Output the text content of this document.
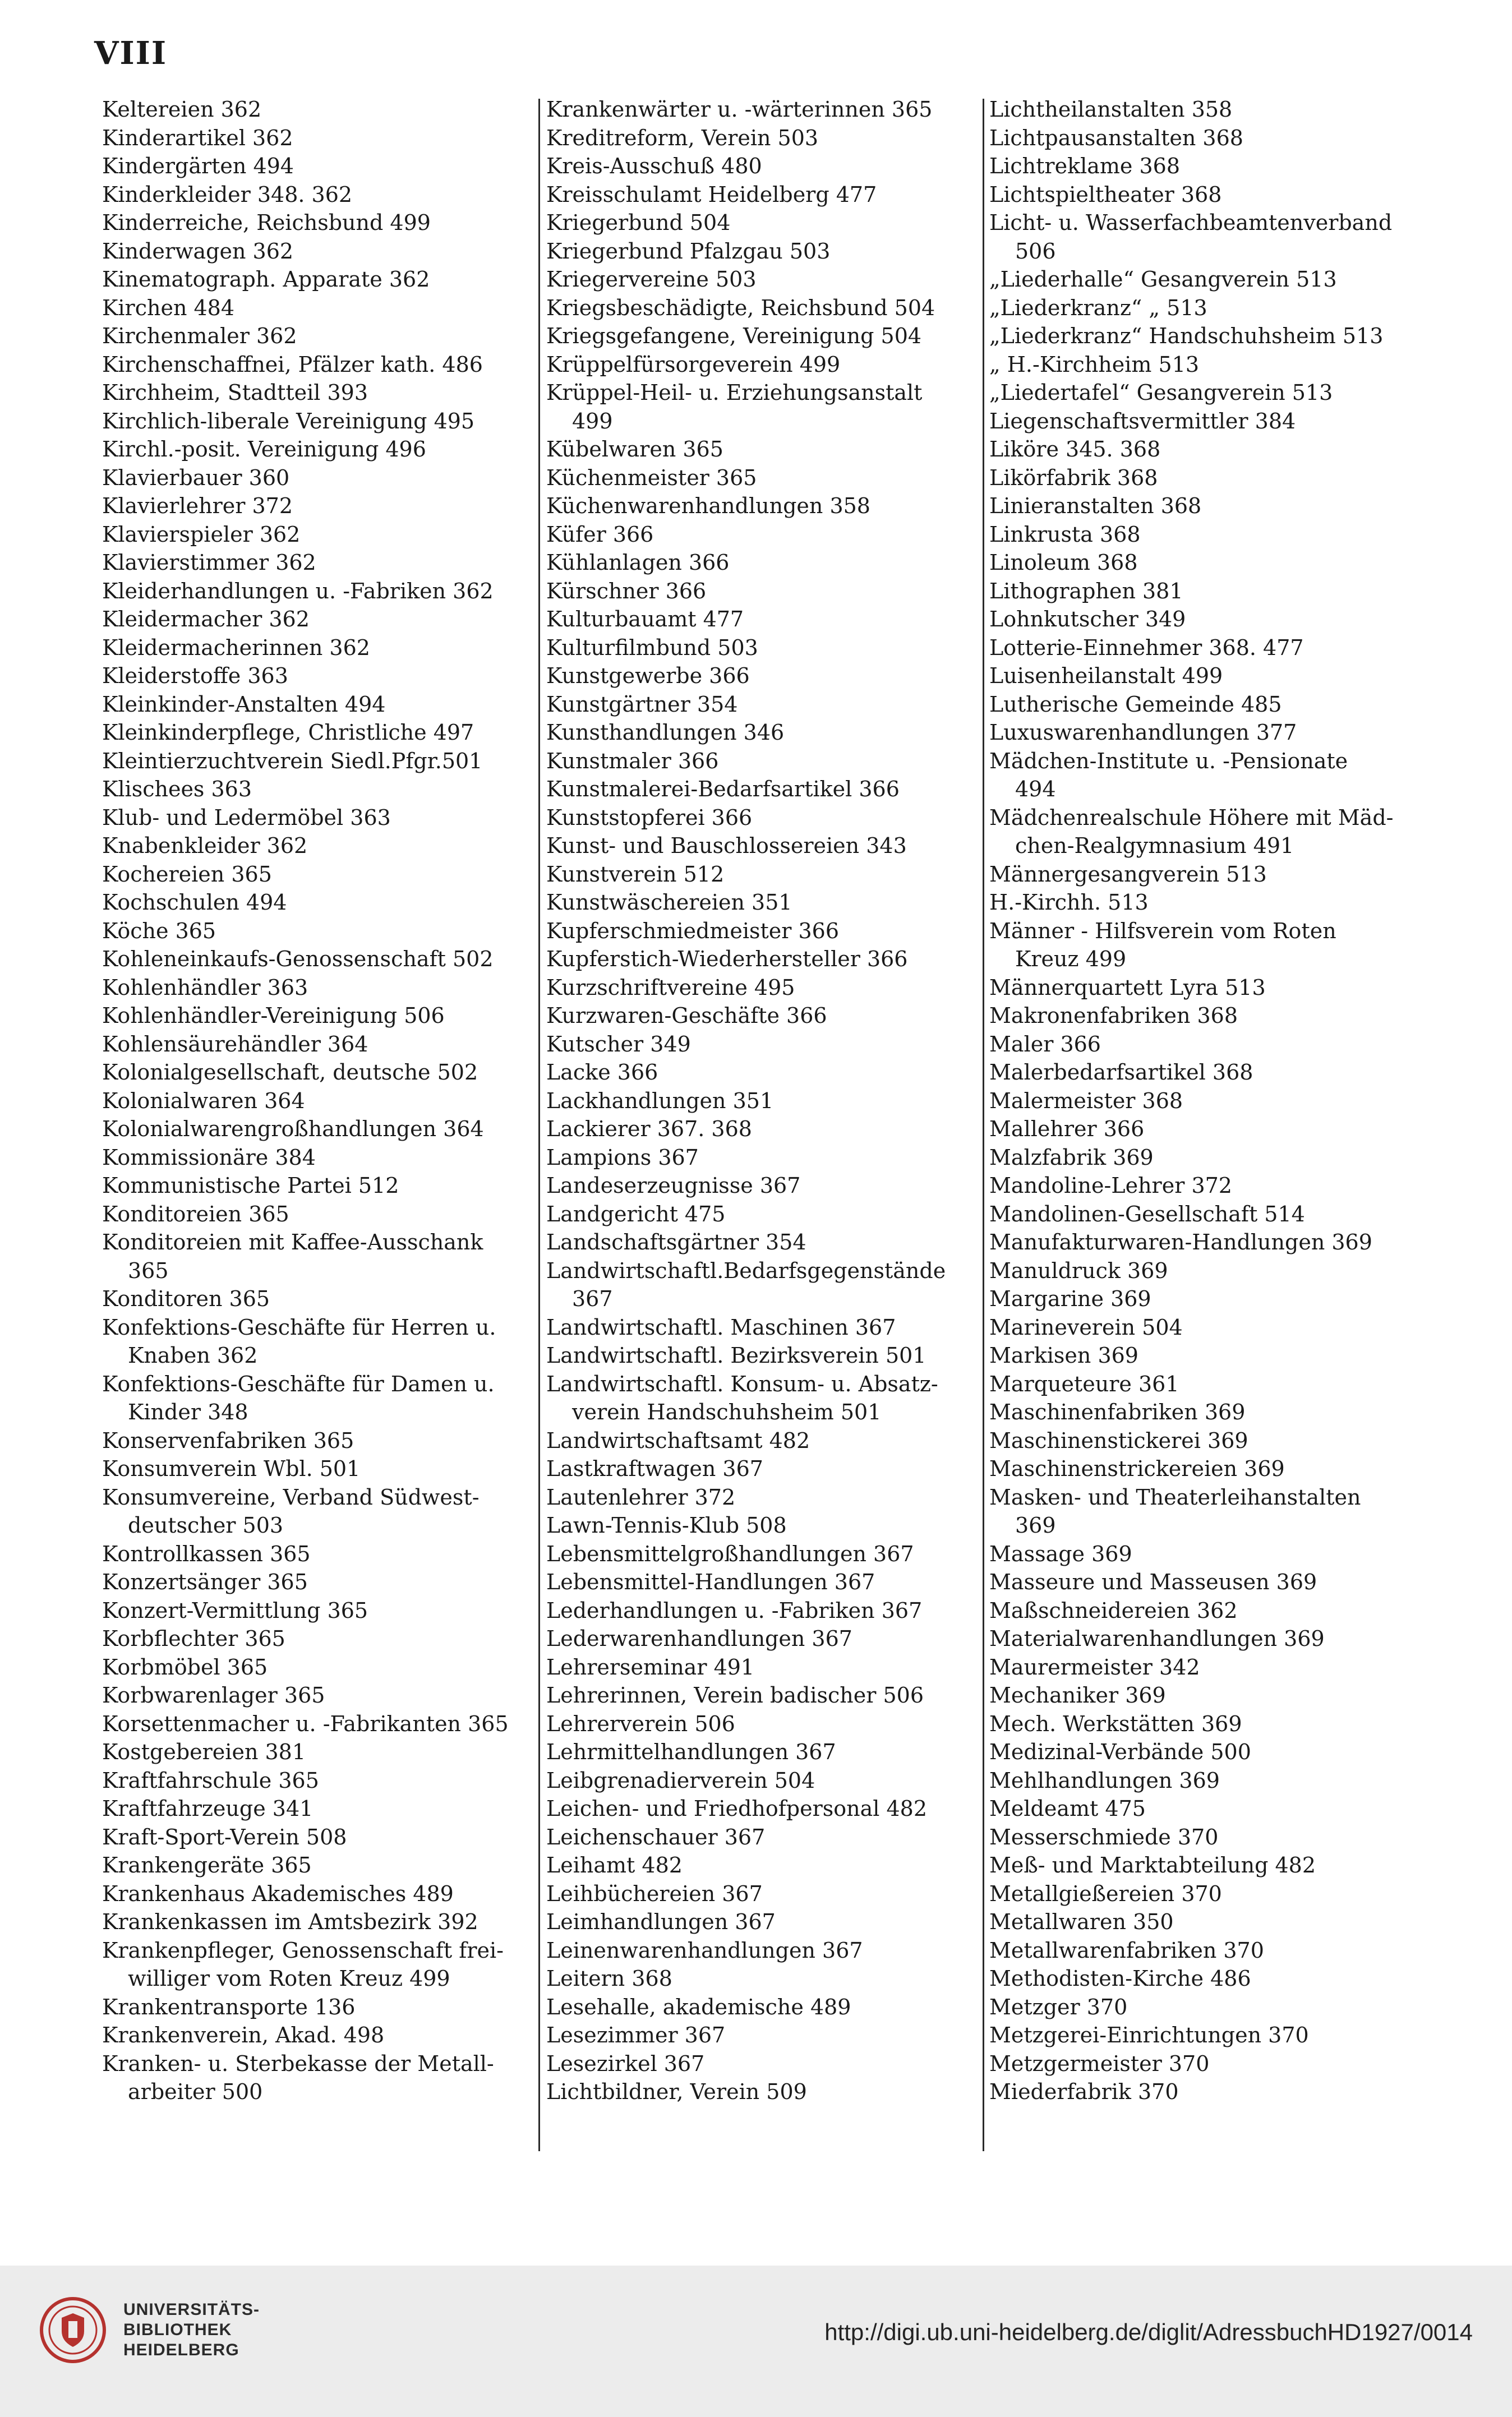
VIII
Keltereien 362
Kinderartikel 362
Kindergärten 494
Kinderkleider 348. 362
Kinderreiche, Reichsbund 499
Kinderwagen 362
Kinematograph. Apparate 362
Kirchen 484
Kirchenmaler 362
Kirchenschaffnei, Pfälzer kath. 486
Kirchheim, Stadtteil 393
Kirchlich-liberale Vereinigung 495
Kirchl.-posit. Vereinigung 496
Klavierbauer 360
Klavierlehrer 372
Klavierspieler 362
Klavierstimmer 362
Kleiderhandlungen u. -Fabriken 362
Kleidermacher 362
Kleidermacherinnen 362
Kleiderstoffe 363
Kleinkinder-Anstalten 494
Kleinkinderpflege, Christliche 497
Kleintierzuchtverein Siedl.Pfgr.501
Klischees 363
Klub- und Ledermöbel 363
Knabenkleider 362
Kochereien 365
Kochschulen 494
Köche 365
Kohleneinkaufs-Genossenschaft 502
Kohlenhändler 363
Kohlenhändler-Vereinigung 506
Kohlensäurehändler 364
Kolonialgesellschaft, deutsche 502
Kolonialwaren 364
Kolonialwarengroßhandlungen 364
Kommissionäre 384
Kommunistische Partei 512
Konditoreien 365
Konditoreien mit Kaffee-Ausschank
365
Konditoren 365
Konfektions-Geschäfte für Herren u.
Knaben 362
Konfektions-Geschäfte für Damen u.
Kinder 348
Konservenfabriken 365
Konsumverein Wbl. 501
Konsumvereine, Verband Südwest-
deutscher 503
Kontrollkassen 365
Konzertsänger 365
Konzert-Vermittlung 365
Korbflechter 365
Korbmöbel 365
Korbwarenlager 365
Korsettenmacher u. -Fabrikanten 365
Kostgebereien 381
Kraftfahrschule 365
Kraftfahrzeuge 341
Kraft-Sport-Verein 508
Krankengeräte 365
Krankenhaus Akademisches 489
Krankenkassen im Amtsbezirk 392
Krankenpfleger, Genossenschaft frei-
williger vom Roten Kreuz 499
Krankentransporte 136
Krankenverein, Akad. 498
Kranken- u. Sterbekasse der Metall-
arbeiter 500
Krankenwärter u. -wärterinnen 365
Kreditreform, Verein 503
Kreis-Ausschuß 480
Kreisschulamt Heidelberg 477
Kriegerbund 504
Kriegerbund Pfalzgau 503
Kriegervereine 503
Kriegsbeschädigte, Reichsbund 504
Kriegsgefangene, Vereinigung 504
Krüppelfürsorgeverein 499
Krüppel-Heil- u. Erziehungsanstalt
499
Kübelwaren 365
Küchenmeister 365
Küchenwarenhandlungen 358
Küfer 366
Kühlanlagen 366
Kürschner 366
Kulturbauamt 477
Kulturfilmbund 503
Kunstgewerbe 366
Kunstgärtner 354
Kunsthandlungen 346
Kunstmaler 366
Kunstmalerei-Bedarfsartikel 366
Kunststopferei 366
Kunst- und Bauschlossereien 343
Kunstverein 512
Kunstwäschereien 351
Kupferschmiedmeister 366
Kupferstich-Wiederhersteller 366
Kurzschriftvereine 495
Kurzwaren-Geschäfte 366
Kutscher 349
Lacke 366
Lackhandlungen 351
Lackierer 367. 368
Lampions 367
Landeserzeugnisse 367
Landgericht 475
Landschaftsgärtner 354
Landwirtschaftl.Bedarfsgegenstände
367
Landwirtschaftl. Maschinen 367
Landwirtschaftl. Bezirksverein 501
Landwirtschaftl. Konsum- u. Absatz-
verein Handschuhsheim 501
Landwirtschaftsamt 482
Lastkraftwagen 367
Lautenlehrer 372
Lawn-Tennis-Klub 508
Lebensmittelgroßhandlungen 367
Lebensmittel-Handlungen 367
Lederhandlungen u. -Fabriken 367
Lederwarenhandlungen 367
Lehrerseminar 491
Lehrerinnen, Verein badischer 506
Lehrerverein 506
Lehrmittelhandlungen 367
Leibgrenadierverein 504
Leichen- und Friedhofpersonal 482
Leichenschauer 367
Leihamt 482
Leihbüchereien 367
Leimhandlungen 367
Leinenwarenhandlungen 367
Leitern 368
Lesehalle, akademische 489
Lesezimmer 367
Lesezirkel 367
Lichtbildner, Verein 509
Lichtheilanstalten 358
Lichtpausanstalten 368
Lichtreklame 368
Lichtspieltheater 368
Licht- u. Wasserfachbeamtenverband
506
„Liederhalle“ Gesangverein 513
„Liederkranz“ „ 513
„Liederkranz“ Handschuhsheim 513
„ H.-Kirchheim 513
„Liedertafel“ Gesangverein 513
Liegenschaftsvermittler 384
Liköre 345. 368
Likörfabrik 368
Linieranstalten 368
Linkrusta 368
Linoleum 368
Lithographen 381
Lohnkutscher 349
Lotterie-Einnehmer 368. 477
Luisenheilanstalt 499
Lutherische Gemeinde 485
Luxuswarenhandlungen 377
Mädchen-Institute u. -Pensionate
494
Mädchenrealschule Höhere mit Mäd-
chen-Realgymnasium 491
Männergesangverein 513
H.-Kirchh. 513
Männer - Hilfsverein vom Roten
Kreuz 499
Männerquartett Lyra 513
Makronenfabriken 368
Maler 366
Malerbedarfsartikel 368
Malermeister 368
Mallehrer 366
Malzfabrik 369
Mandoline-Lehrer 372
Mandolinen-Gesellschaft 514
Manufakturwaren-Handlungen 369
Manuldruck 369
Margarine 369
Marineverein 504
Markisen 369
Marqueteure 361
Maschinenfabriken 369
Maschinenstickerei 369
Maschinenstrickereien 369
Masken- und Theaterleihanstalten
369
Massage 369
Masseure und Masseusen 369
Maßschneidereien 362
Materialwarenhandlungen 369
Maurermeister 342
Mechaniker 369
Mech. Werkstätten 369
Medizinal-Verbände 500
Mehlhandlungen 369
Meldeamt 475
Messerschmiede 370
Meß- und Marktabteilung 482
Metallgießereien 370
Metallwaren 350
Metallwarenfabriken 370
Methodisten-Kirche 486
Metzger 370
Metzgerei-Einrichtungen 370
Metzgermeister 370
Miederfabrik 370
UNIVERSITÄTS-
BIBLIOTHEK
HEIDELBERG
http://digi.ub.uni-heidelberg.de/diglit/AdressbuchHD1927/0014
